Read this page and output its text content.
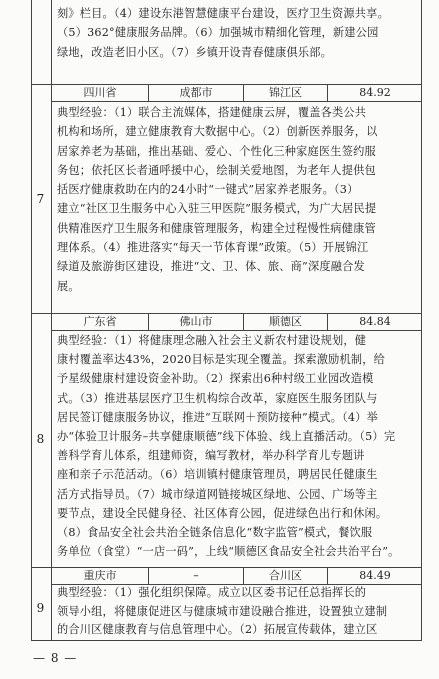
刻》栏目。（4）建设东港智慧健康平台建设，医疗卫生资源共享。
（5）362°健康服务品牌。（6）加强城市精细化管理，新建公园
绿地，改造老旧小区。（7）乡镇开设青春健康俱乐部。
7
四川省	成都市	锦江区	84.92
典型经验：（1）联合主流媒体，搭建健康云屏，覆盖各类公共
机构和场所，建立健康教育大数据中心。（2）创新医养服务，以
居家养老为基础，推出基础、爱心、个性化三种家庭医生签约服
务包；依托区长者通呼援中心，绘制关爱地图，为老年人提供包
括医疗健康救助在内的24小时“一键式”居家养老服务。（3）
建立“社区卫生服务中心入驻三甲医院”服务模式，为广大居民提
供精准医疗卫生服务和健康管理服务，构建全过程慢性病健康管
理体系。（4）推进落实“每天一节体育课”政策。（5）开展锦江
绿道及旅游街区建设，推进“文、卫、体、旅、商”深度融合发
展。
8
广东省	佛山市	顺德区	84.84
典型经验：（1）将健康理念融入社会主义新农村建设规划，健
康村覆盖率达43%，2020目标是实现全覆盖。探索激励机制，给
予星级健康村建设资金补助。（2）探索出6种村级工业园改造模
式。（3）推进基层医疗卫生机构综合改革，家庭医生服务团队与
居民签订健康服务协议，推进“互联网＋预防接种”模式。（4）举
办“体验卫计服务–共享健康顺德”线下体验、线上直播活动。（5）完
善科学育儿体系，组建师资，编写教材，举办科学育儿专题讲
座和亲子示范活动。（6）培训镇村健康管理员，聘居民任健康生
活方式指导员。（7）城市绿道网链接城区绿地、公园、广场等主
要节点，建设全民健身径、社区体育公园，促进绿色出行和休闲。
（8）食品安全社会共治全链条信息化“数字监管”模式，餐饮服
务单位（食堂）“一店一码”，上线“顺德区食品安全社会共治平台”。
9
重庆市	–	合川区	84.49
典型经验：（1）强化组织保障。成立以区委书记任总指挥长的
领导小组，将健康促进区与健康城市建设融合推进，设置独立建制
的合川区健康教育与信息管理中心。（2）拓展宣传载体，建立区
— 8 —
